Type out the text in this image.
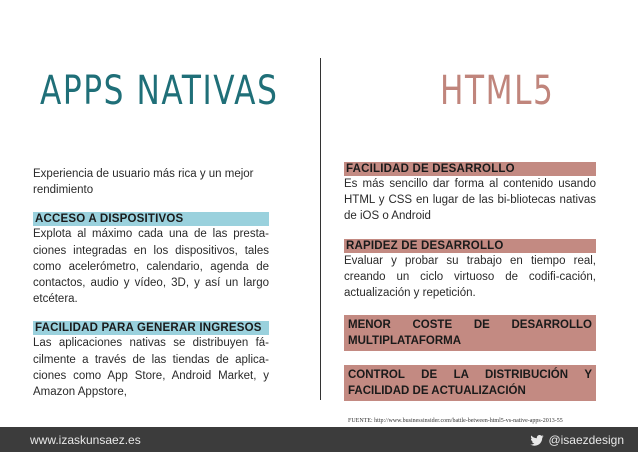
APPS NATIVAS	HTML5
Experiencia de usuario más rica y un mejor rendimiento
ACCESO A DISPOSITIVOS
Explota al máximo cada una de las presta-ciones integradas en los dispositivos, tales como acelerómetro, calendario, agenda de contactos, audio y vídeo, 3D, y así un largo etcétera.
FACILIDAD PARA GENERAR INGRESOS
Las aplicaciones nativas se distribuyen fá-cilmente a través de las tiendas de aplica-ciones como App Store, Android Market, y Amazon Appstore,
FACILIDAD DE DESARROLLO
Es más sencillo dar forma al contenido usando HTML y CSS en lugar de las bi-bliotecas nativas de iOS o Android
RAPIDEZ DE DESARROLLO
Evaluar y probar su trabajo en tiempo real, creando un ciclo virtuoso de codifi-cación, actualización y repetición.
MENOR COSTE DE DESARROLLO MULTIPLATAFORMA
CONTROL DE LA DISTRIBUCIÓN Y FACILIDAD DE ACTUALIZACIÓN
FUENTE: http://www.businessinsider.com/battle-between-html5-vs-native-apps-2013-55
www.izaskunsaez.es	@isaezdesign
